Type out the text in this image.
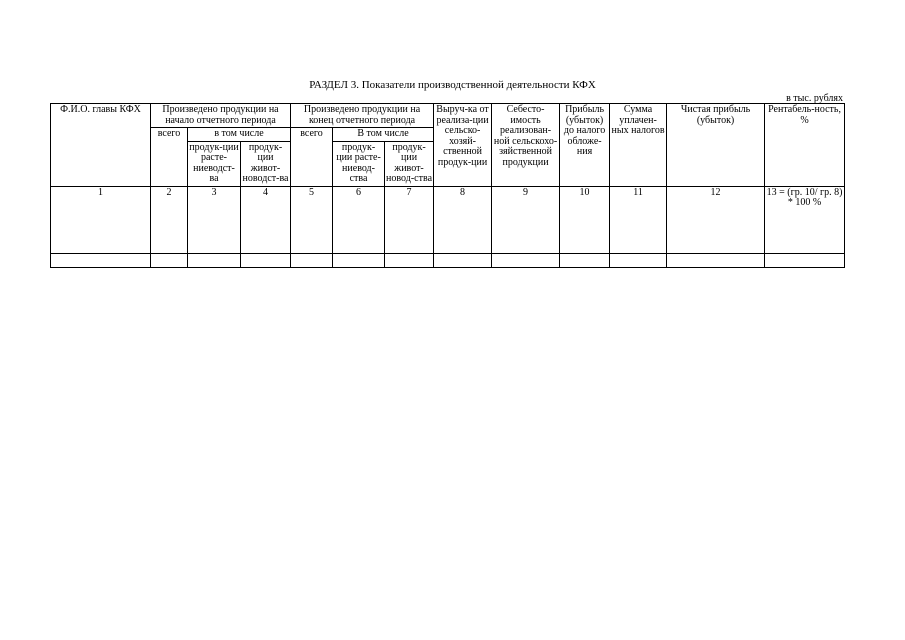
РАЗДЕЛ 3. Показатели производственной деятельности КФХ
в тыс. рублях
Ф.И.О. главы КФХ	Произведено продукции на начало отчетного периода			Произведено продукции на конец отчетного периода			Выруч-ка от реализа-ции сельско-хозяй-ственной продук-ции	Себесто-имость реализован-ной сельскохо-зяйственной продукции	Прибыль (убыток) до налого обложе-ния	Сумма уплачен-ных налогов	Чистая прибыль (убыток)	Рентабель-ность, %
	всего	в том числе		всего	В том числе							
		продук-ции расте-ниеводст-ва	продук-ции живот-новодст-ва		продук-ции расте-ниевод-ства	продук-ции живот-новод-ства						
1	2	3	4	5	6	7	8	9	10	11	12	13 = (гр. 10/ гр. 8) * 100 %
